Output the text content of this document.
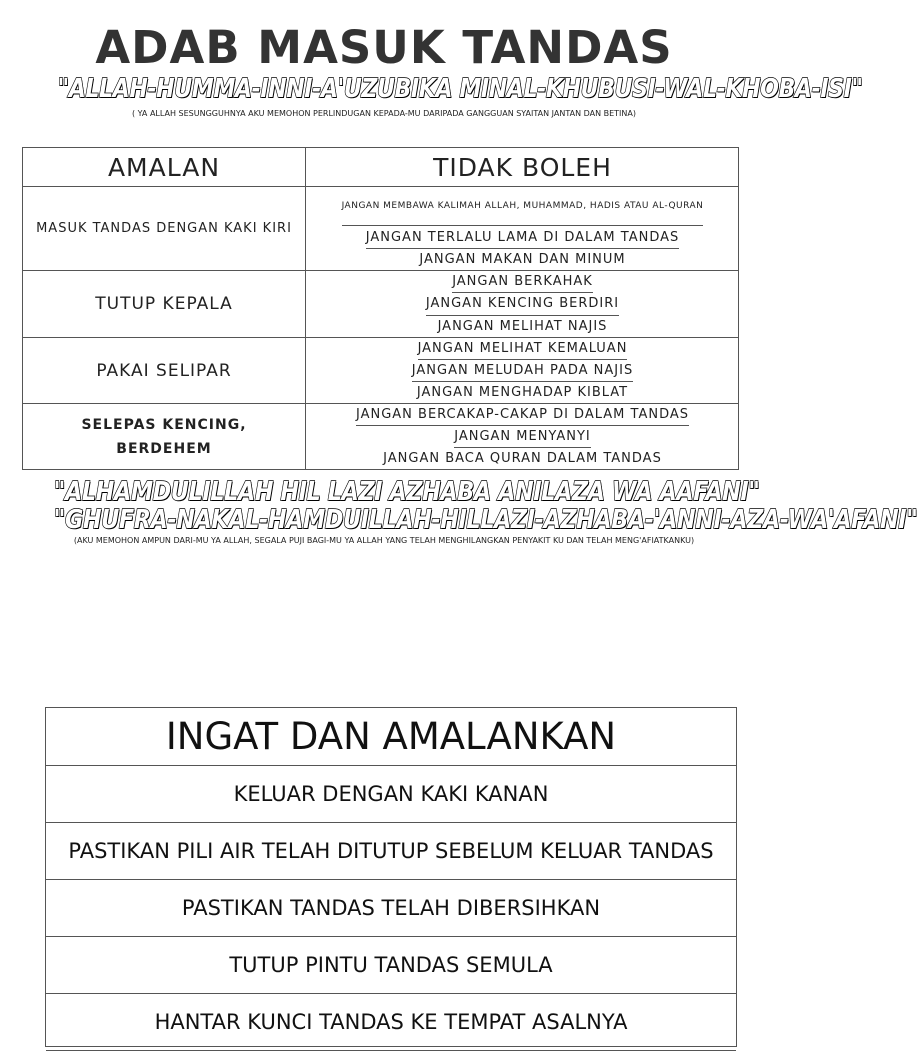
ADAB MASUK TANDAS
"ALLAH-HUMMA-INNI-A'UZUBIKA MINAL-KHUBUSI-WAL-KHOBA-ISI"
( YA ALLAH SESUNGGUHNYA AKU MEMOHON PERLINDUGAN KEPADA-MU DARIPADA GANGGUAN SYAITAN JANTAN DAN BETINA)
AMALAN	TIDAK BOLEH
MASUK TANDAS DENGAN KAKI KIRI
JANGAN MEMBAWA KALIMAH ALLAH, MUHAMMAD, HADIS ATAU AL-QURAN
JANGAN TERLALU LAMA DI DALAM TANDAS
JANGAN MAKAN DAN MINUM
TUTUP KEPALA
JANGAN BERKAHAK
JANGAN KENCING BERDIRI
JANGAN MELIHAT NAJIS
PAKAI SELIPAR
JANGAN MELIHAT KEMALUAN
JANGAN MELUDAH PADA NAJIS
JANGAN MENGHADAP KIBLAT
SELEPAS KENCING, BERDEHEM
JANGAN BERCAKAP-CAKAP DI DALAM TANDAS
JANGAN MENYANYI
JANGAN BACA QURAN DALAM TANDAS
"ALHAMDULILLAH HIL LAZI AZHABA ANILAZA WA AAFANI"
"GHUFRA-NAKAL-HAMDUILLAH-HILLAZI-AZHABA-'ANNI-AZA-WA'AFANI"
(AKU MEMOHON AMPUN DARI-MU YA ALLAH, SEGALA PUJI BAGI-MU YA ALLAH YANG TELAH MENGHILANGKAN PENYAKIT KU DAN TELAH MENG'AFIATKANKU)
INGAT DAN AMALANKAN
KELUAR DENGAN KAKI KANAN
PASTIKAN PILI AIR TELAH DITUTUP SEBELUM KELUAR TANDAS
PASTIKAN TANDAS TELAH DIBERSIHKAN
TUTUP PINTU TANDAS SEMULA
HANTAR KUNCI TANDAS KE TEMPAT ASALNYA
